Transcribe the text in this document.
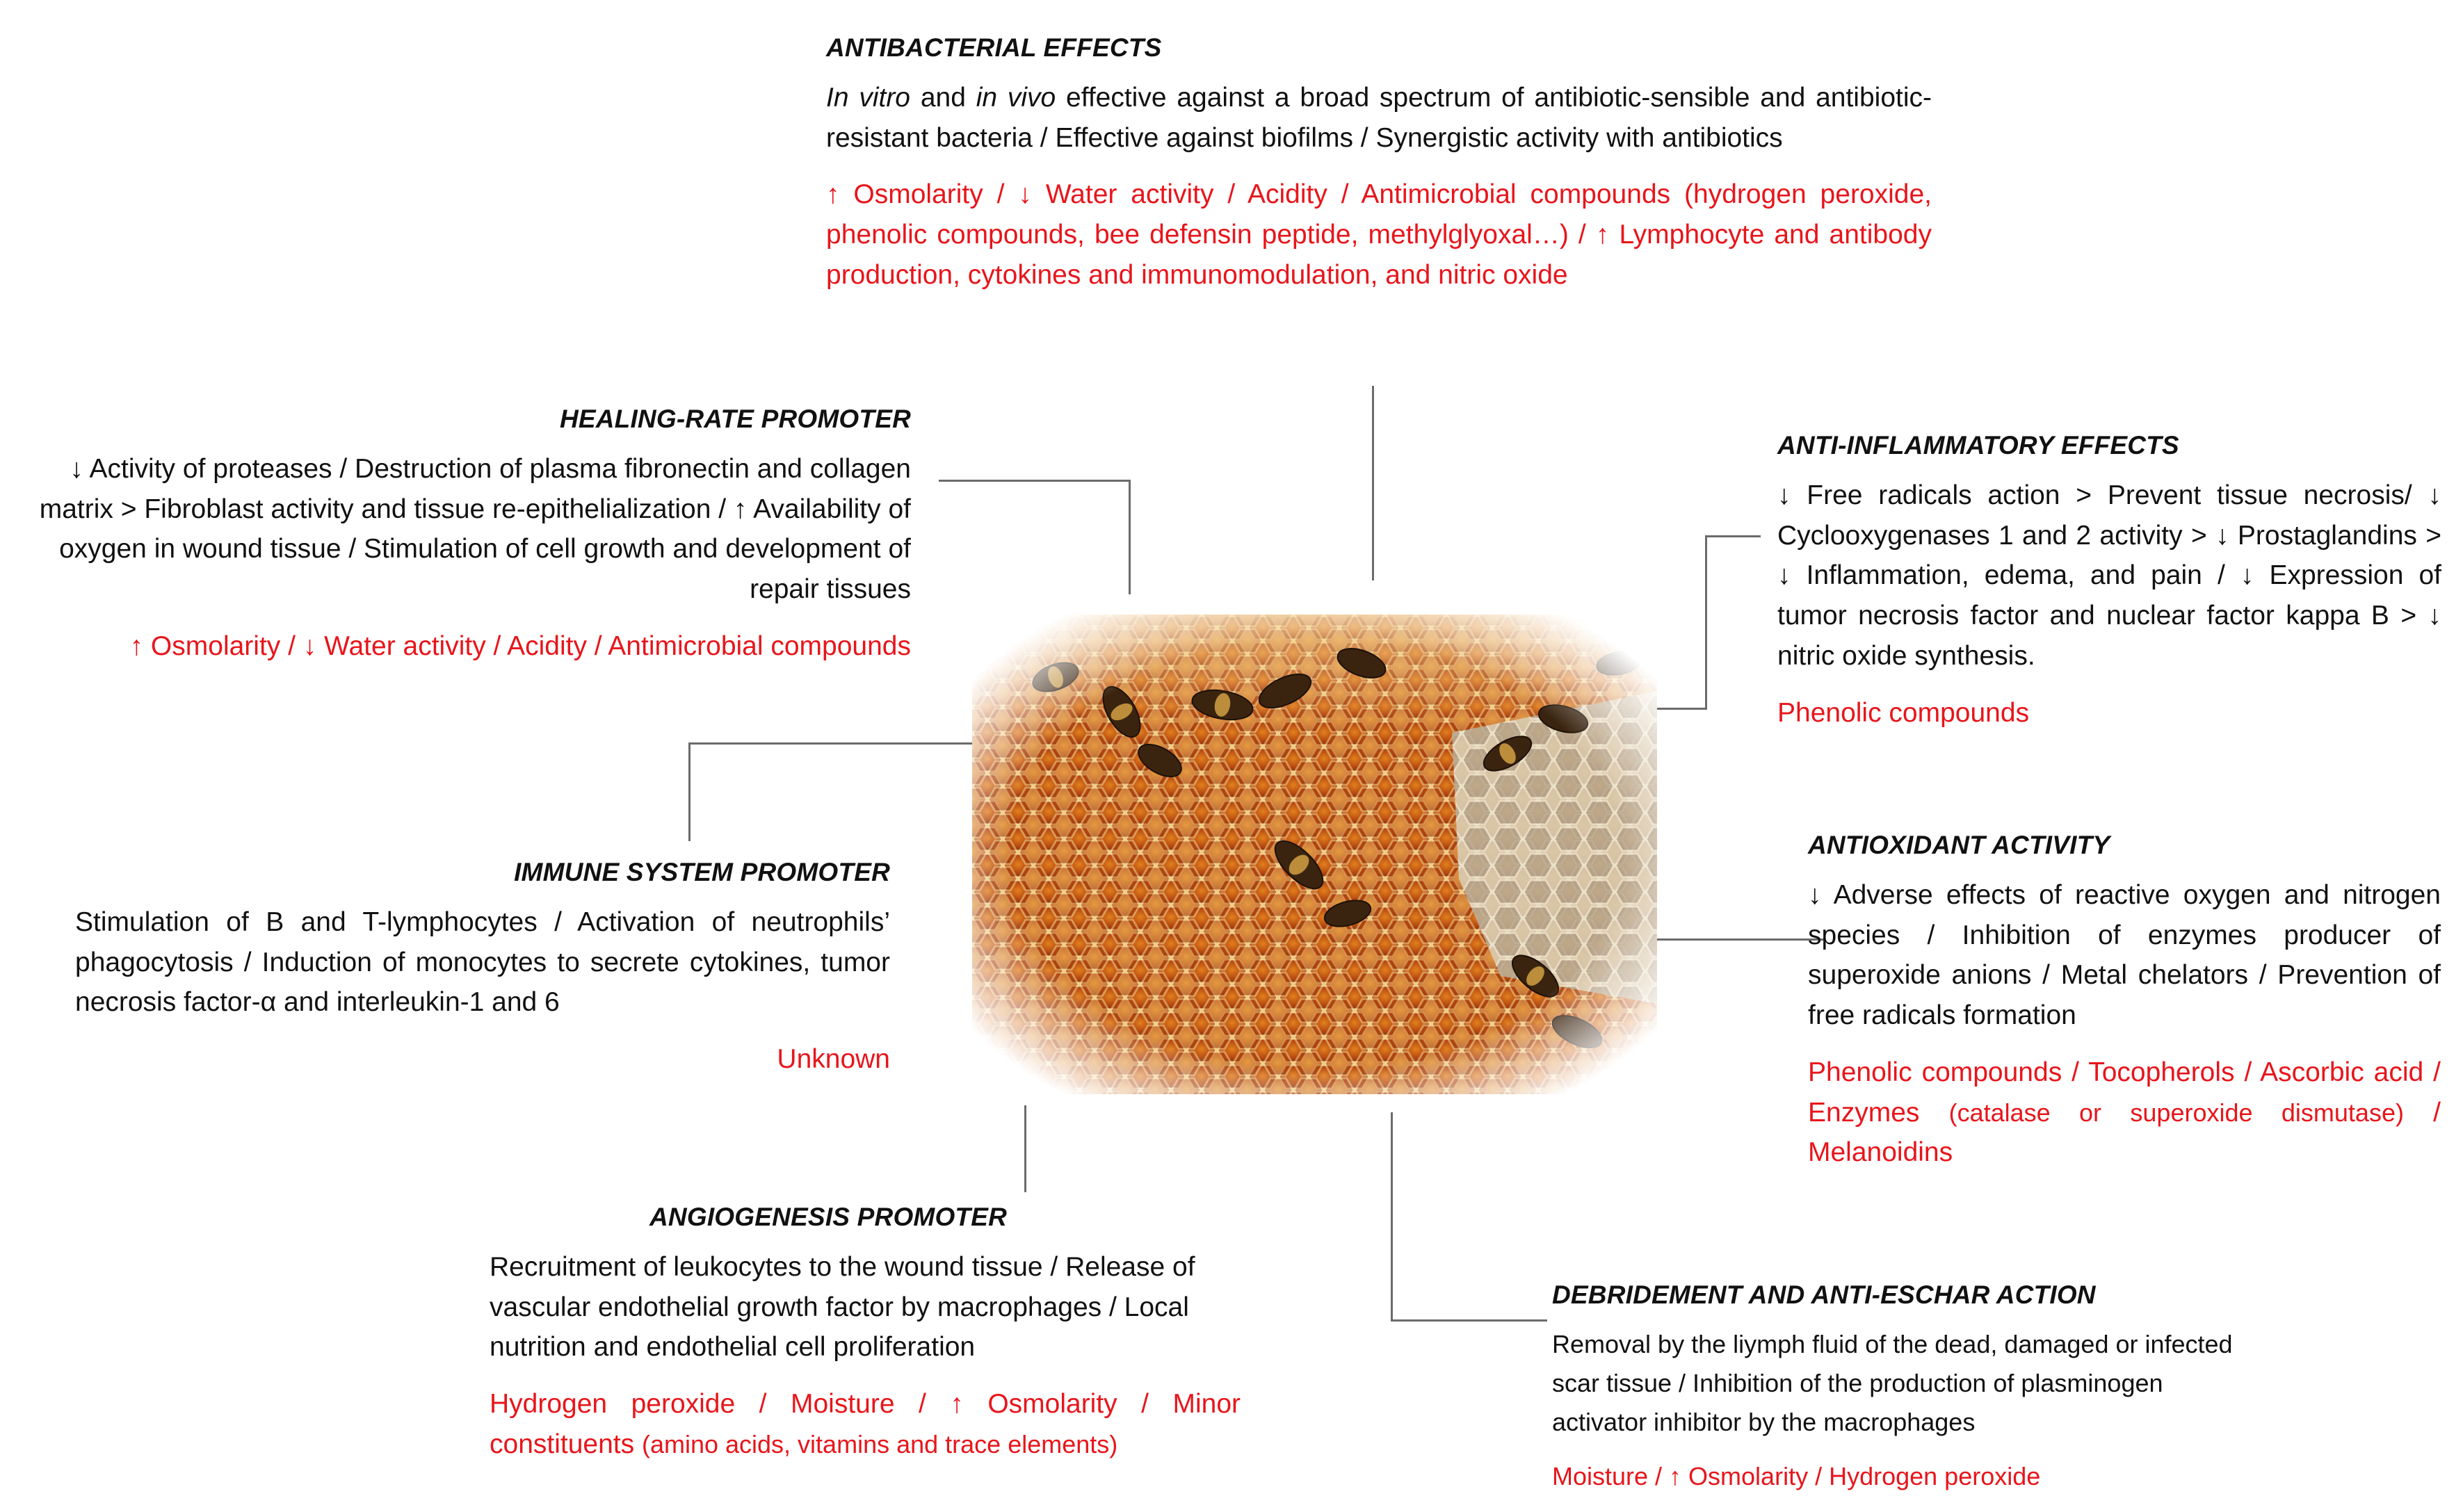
ANTIBACTERIAL EFFECTS

In vitro and in vivo effective against a broad spectrum of antibiotic-sensible and antibiotic-resistant bacteria / Effective against biofilms / Synergistic activity with antibiotics

↑ Osmolarity / ↓ Water activity / Acidity / Antimicrobial compounds (hydrogen peroxide, phenolic compounds, bee defensin peptide, methylglyoxal…) / ↑ Lymphocyte and antibody production, cytokines and immunomodulation, and nitric oxide

HEALING-RATE PROMOTER

↓ Activity of proteases / Destruction of plasma fibronectin and collagen matrix > Fibroblast activity and tissue re-epithelialization / ↑ Availability of oxygen in wound tissue / Stimulation of cell growth and development of repair tissues

↑ Osmolarity / ↓ Water activity / Acidity / Antimicrobial compounds

ANTI-INFLAMMATORY EFFECTS

↓ Free radicals action > Prevent tissue necrosis/ ↓ Cyclooxygenases 1 and 2 activity > ↓ Prostaglandins > ↓ Inflammation, edema, and pain / ↓ Expression of tumor necrosis factor and nuclear factor kappa B > ↓ nitric oxide synthesis.

Phenolic compounds

IMMUNE SYSTEM PROMOTER

Stimulation of B and T-lymphocytes / Activation of neutrophils’ phagocytosis / Induction of monocytes to secrete cytokines, tumor necrosis factor-α and interleukin-1 and 6

Unknown

ANTIOXIDANT ACTIVITY

↓ Adverse effects of reactive oxygen and nitrogen species / Inhibition of enzymes producer of superoxide anions / Metal chelators / Prevention of free radicals formation

Phenolic compounds / Tocopherols / Ascorbic acid / Enzymes (catalase or superoxide dismutase) / Melanoidins

ANGIOGENESIS PROMOTER

Recruitment of leukocytes to the wound tissue / Release of vascular endothelial growth factor by macrophages / Local nutrition and endothelial cell proliferation

Hydrogen peroxide / Moisture / ↑ Osmolarity / Minor constituents (amino acids, vitamins and trace elements)

DEBRIDEMENT AND ANTI-ESCHAR ACTION

Removal by the liymph fluid of the dead, damaged or infected scar tissue / Inhibition of the production of plasminogen activator inhibitor by the macrophages

Moisture / ↑ Osmolarity / Hydrogen peroxide
